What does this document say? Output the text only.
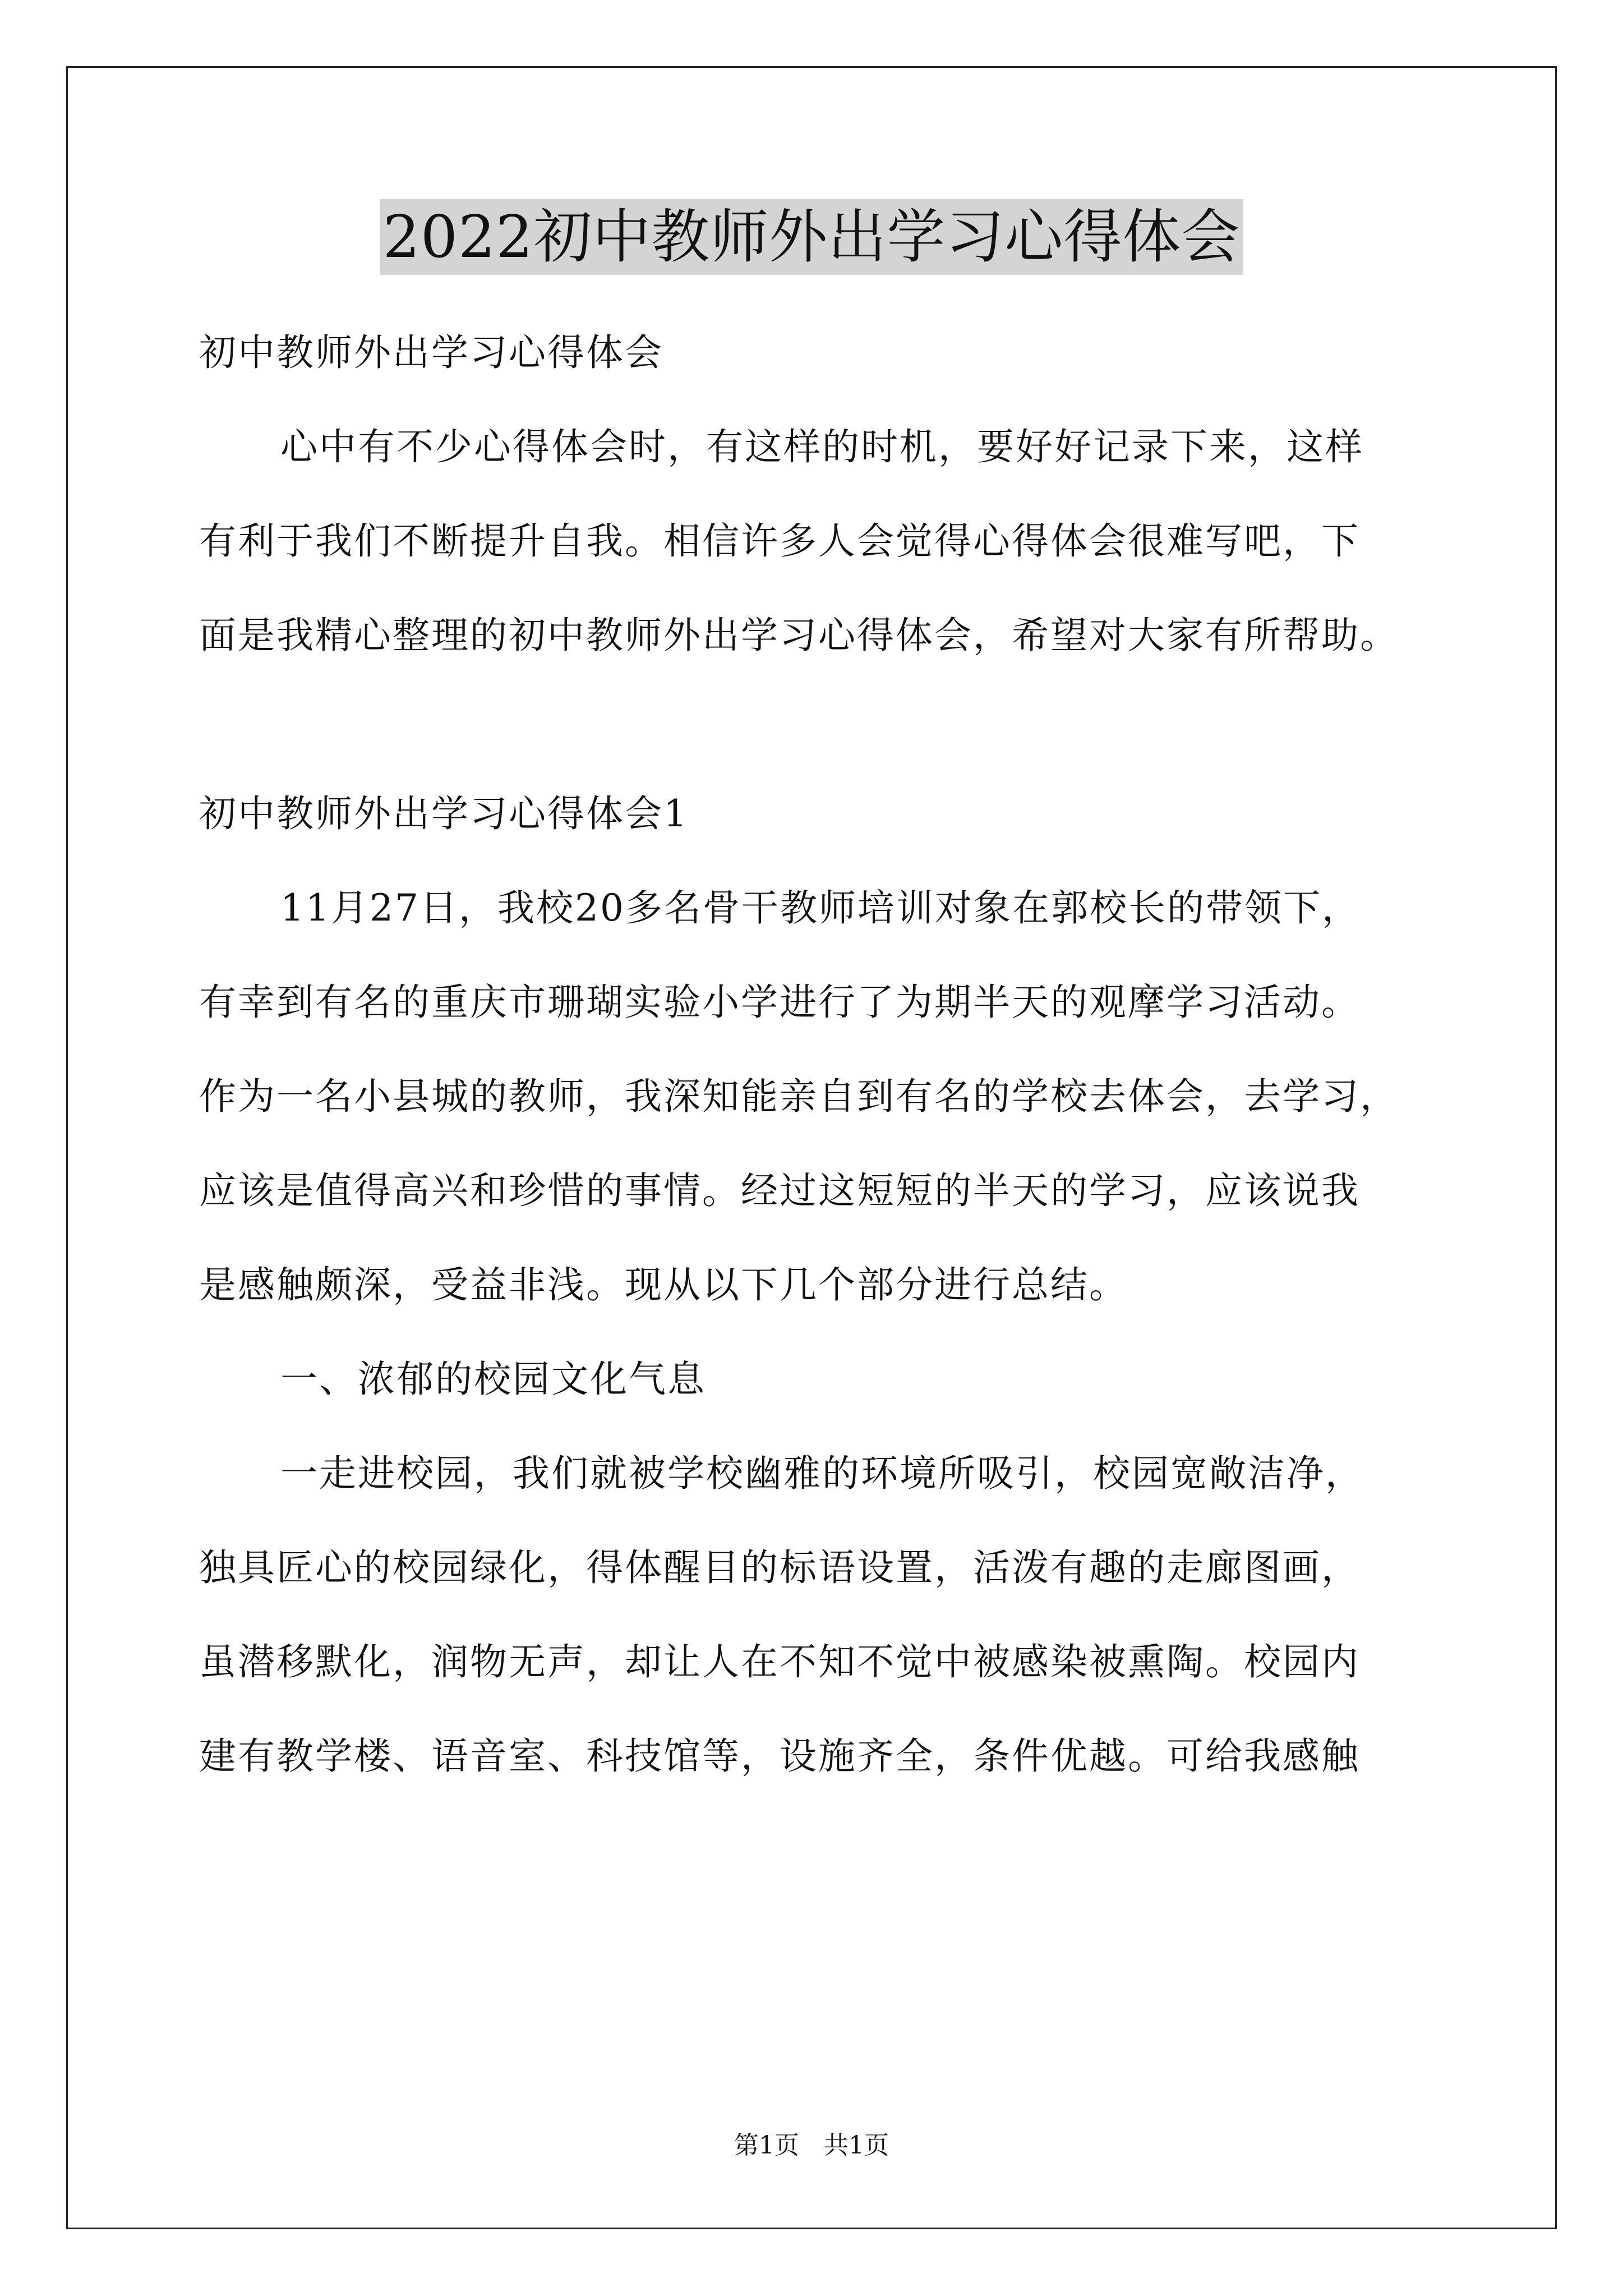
2022初中教师外出学习心得体会
初中教师外出学习心得体会
心中有不少心得体会时，有这样的时机，要好好记录下来，这样
有利于我们不断提升自我。相信许多人会觉得心得体会很难写吧，下
面是我精心整理的初中教师外出学习心得体会，希望对大家有所帮助。
初中教师外出学习心得体会1
11月27日，我校20多名骨干教师培训对象在郭校长的带领下，
有幸到有名的重庆市珊瑚实验小学进行了为期半天的观摩学习活动。
作为一名小县城的教师，我深知能亲自到有名的学校去体会，去学习，
应该是值得高兴和珍惜的事情。经过这短短的半天的学习，应该说我
是感触颇深，受益非浅。现从以下几个部分进行总结。
一、浓郁的校园文化气息
一走进校园，我们就被学校幽雅的环境所吸引，校园宽敞洁净，
独具匠心的校园绿化，得体醒目的标语设置，活泼有趣的走廊图画，
虽潜移默化，润物无声，却让人在不知不觉中被感染被熏陶。校园内
建有教学楼、语音室、科技馆等，设施齐全，条件优越。可给我感触
第1页　共1页
